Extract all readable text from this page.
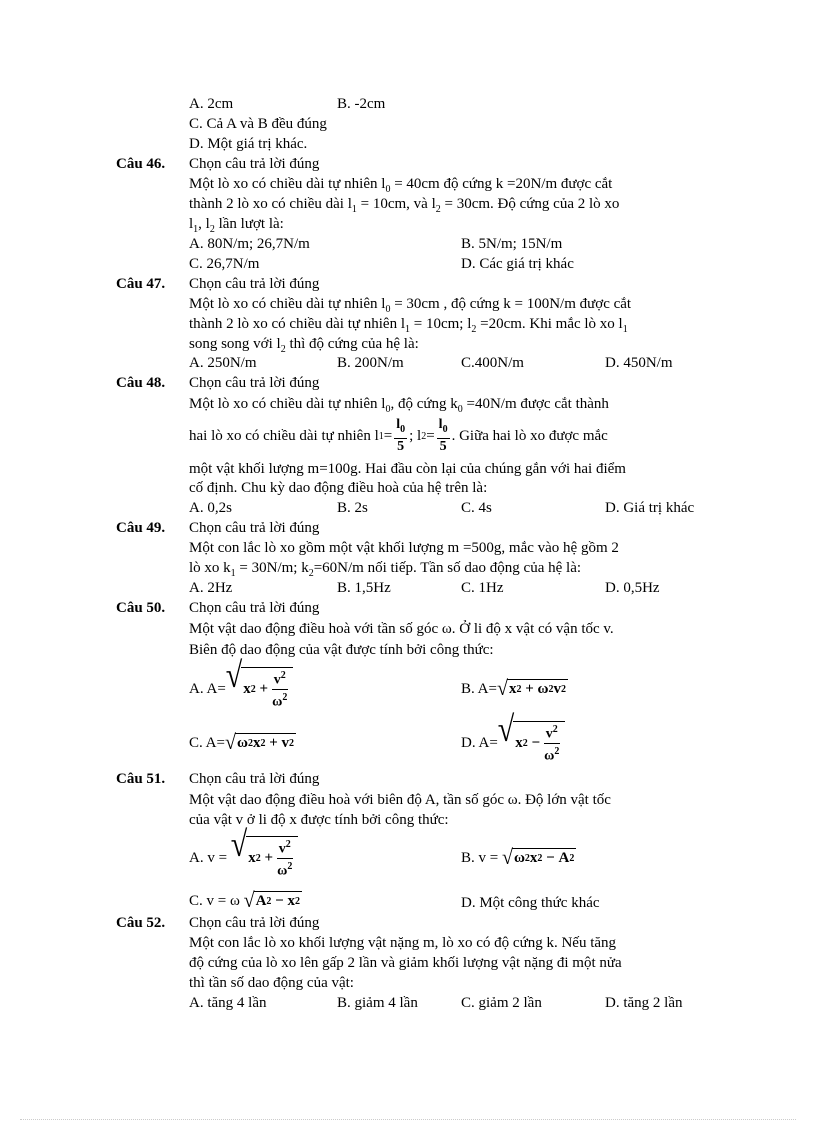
A. 2cm	B. -2cm
C. Cả A và B đều đúng
D. Một giá trị khác.
Câu 46. Chọn câu trả lời đúng
Một lò xo có chiều dài tự nhiên $l_0 = 40cm$ độ cứng k =20N/m được cắt
thành 2 lò xo có chiều dài $l_1 = 10cm$, và $l_2 = 30cm$. Độ cứng của 2 lò xo
$l_1$, $l_2$ lần lượt là:
A. 80N/m; 26,7N/m	B. 5N/m; 15N/m
C. 26,7N/m	D. Các giá trị khác
Câu 47. Chọn câu trả lời đúng
Một lò xo có chiều dài tự nhiên $l_0 = 30cm$ , độ cứng k = 100N/m được cắt
thành 2 lò xo có chiều dài tự nhiên $l_1 = 10cm$; $l_2 =20cm$. Khi mắc lò xo $l_1$
song song với $l_2$ thì độ cứng của hệ là:
A. 250N/m	B. 200N/m	C.400N/m	D. 450N/m
Câu 48. Chọn câu trả lời đúng
Một lò xo có chiều dài tự nhiên $l_0$, độ cứng $k_0 =40N/m$ được cắt thành
hai lò xo có chiều dài tự nhiên l $1 = \frac{l_0}{5}$ ; l $2 = \frac{l_0}{5}$ . Giữa hai lò xo được mắc
một vật khối lượng m=100g. Hai đầu còn lại của chúng gắn với hai điểm
cố định. Chu kỳ dao động điều hoà của hệ trên là:
A. 0,2s	B. 2s	C. 4s	D. Giá trị khác
Câu 49. Chọn câu trả lời đúng
Một con lắc lò xo gồm một vật khối lượng m =500g, mắc vào hệ gồm 2
lò xo $k_1 = 30N/m$; $k_2=60N/m$ nối tiếp. Tần số dao động của hệ là:
A. 2Hz	B. 1,5Hz	C. 1Hz	D. 0,5Hz
Câu 50. Chọn câu trả lời đúng
Một vật dao động điều hoà với tần số góc ω. Ở li độ x vật có vận tốc v.
Biên độ dao động của vật được tính bởi công thức:
A. A= √ x 2
+ $\frac{v^2}{\omega^2}$	B. A= √ x 2
+
ω 2 v 2
C. A= √ ω 2 x 2
+
v 2	D. A= √ x 2
− $\frac{v^2}{\omega^2}$
Câu 51. Chọn câu trả lời đúng
Một vật dao động điều hoà với biên độ A, tần số góc ω. Độ lớn vật tốc
của vật v ở li độ x được tính bởi công thức:
A. v =
√ x 2
+ $\frac{v^2}{\omega^2}$	B. v =
√ ω 2 x 2
−
A 2
C. v = ω
√ A 2
−
x 2	D. Một công thức khác
Câu 52. Chọn câu trả lời đúng
Một con lắc lò xo khối lượng vật nặng m, lò xo có độ cứng k. Nếu tăng
độ cứng của lò xo lên gấp 2 lần và giảm khối lượng vật nặng đi một nửa
thì tần số dao động của vật:
A. tăng 4 lần	B. giảm 4 lần	C. giảm 2 lần	D. tăng 2 lần
